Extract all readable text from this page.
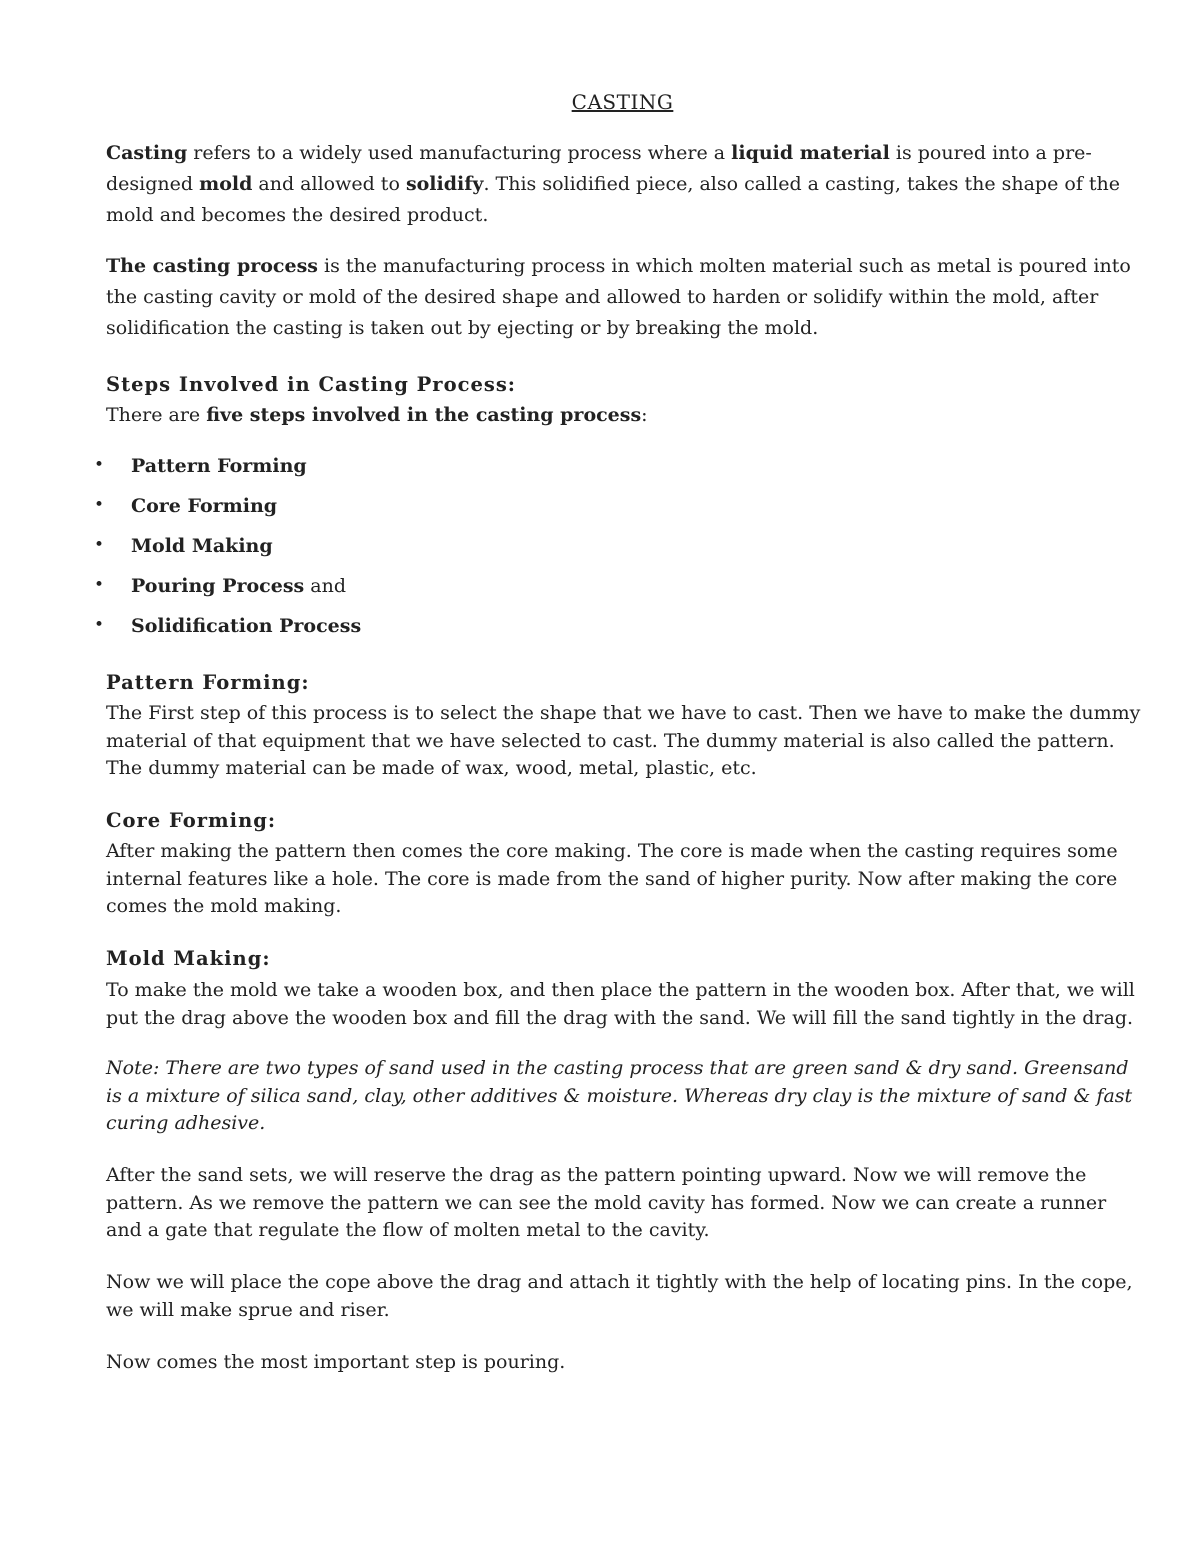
CASTING

Casting refers to a widely used manufacturing process where a liquid material is poured into a pre-designed mold and allowed to solidify. This solidified piece, also called a casting, takes the shape of the mold and becomes the desired product.

The casting process is the manufacturing process in which molten material such as metal is poured into the casting cavity or mold of the desired shape and allowed to harden or solidify within the mold, after solidification the casting is taken out by ejecting or by breaking the mold.

Steps Involved in Casting Process:

There are five steps involved in the casting process:

• Pattern Forming
• Core Forming
• Mold Making
• Pouring Process and
• Solidification Process
Pattern Forming:

The First step of this process is to select the shape that we have to cast. Then we have to make the dummy material of that equipment that we have selected to cast. The dummy material is also called the pattern. The dummy material can be made of wax, wood, metal, plastic, etc.

Core Forming:

After making the pattern then comes the core making. The core is made when the casting requires some internal features like a hole. The core is made from the sand of higher purity. Now after making the core comes the mold making.

Mold Making:

To make the mold we take a wooden box, and then place the pattern in the wooden box. After that, we will put the drag above the wooden box and fill the drag with the sand. We will fill the sand tightly in the drag.

Note: There are two types of sand used in the casting process that are green sand & dry sand. Greensand is a mixture of silica sand, clay, other additives & moisture. Whereas dry clay is the mixture of sand & fast curing adhesive.

After the sand sets, we will reserve the drag as the pattern pointing upward. Now we will remove the pattern. As we remove the pattern we can see the mold cavity has formed. Now we can create a runner and a gate that regulate the flow of molten metal to the cavity.

Now we will place the cope above the drag and attach it tightly with the help of locating pins. In the cope, we will make sprue and riser.

Now comes the most important step is pouring.
